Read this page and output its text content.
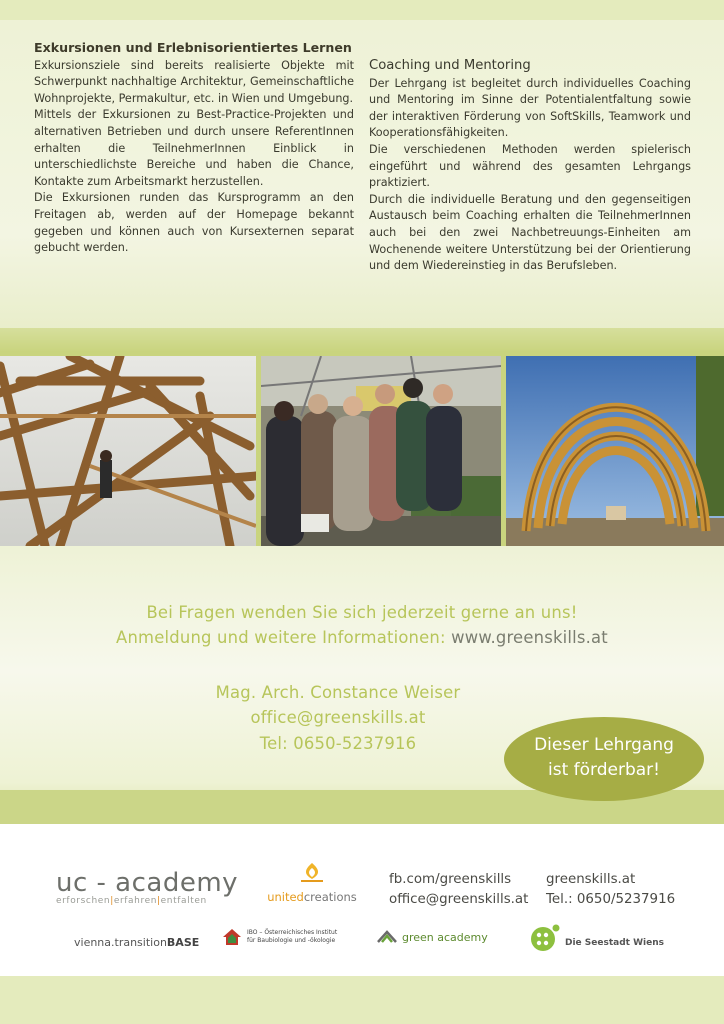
Exkursionen und Erlebnisorientiertes Lernen

Exkursionsziele sind bereits realisierte Objekte mit Schwerpunkt nachhaltige Architektur, Gemeinschaftliche Wohnprojekte, Permakultur, etc. in Wien und Umgebung.

Mittels der Exkursionen zu Best-Practice-Projekten und alternativen Betrieben und durch unsere ReferentInnen erhalten die TeilnehmerInnen Einblick in unterschiedlichste Bereiche und haben die Chance, Kontakte zum Arbeitsmarkt herzustellen.

Die Exkursionen runden das Kursprogramm an den Freitagen ab, werden auf der Homepage bekannt gegeben und können auch von Kursexternen separat gebucht werden.

Coaching und Mentoring

Der Lehrgang ist begleitet durch individuelles Coaching und Mentoring im Sinne der Potentialentfaltung sowie der interaktiven Förderung von SoftSkills, Teamwork und Kooperationsfähigkeiten.

Die verschiedenen Methoden werden spielerisch eingeführt und während des gesamten Lehrgangs praktiziert.

Durch die individuelle Beratung und den gegenseitigen Austausch beim Coaching erhalten die TeilnehmerInnen auch bei den zwei Nachbetreuungs-Einheiten am Wochenende weitere Unterstützung bei der Orientierung und dem Wiedereinstieg in das Berufsleben.

Bei Fragen wenden Sie sich jederzeit gerne an uns!
Anmeldung und weitere Informationen: www.greenskills.at
Mag. Arch. Constance Weiser
office@greenskills.at
Tel: 0650-5237916	Dieser Lehrgang
ist förderbar!
uc - academy
erforschen|erfahren|entfalten	unitedcreations
fb.com/greenskills
office@greenskills.at
greenskills.at
Tel.: 0650/5237916
vienna.transition BASE
IBO – Österreichisches Institut
für Baubiologie und -ökologie	green academy	Die Seestadt Wiens
